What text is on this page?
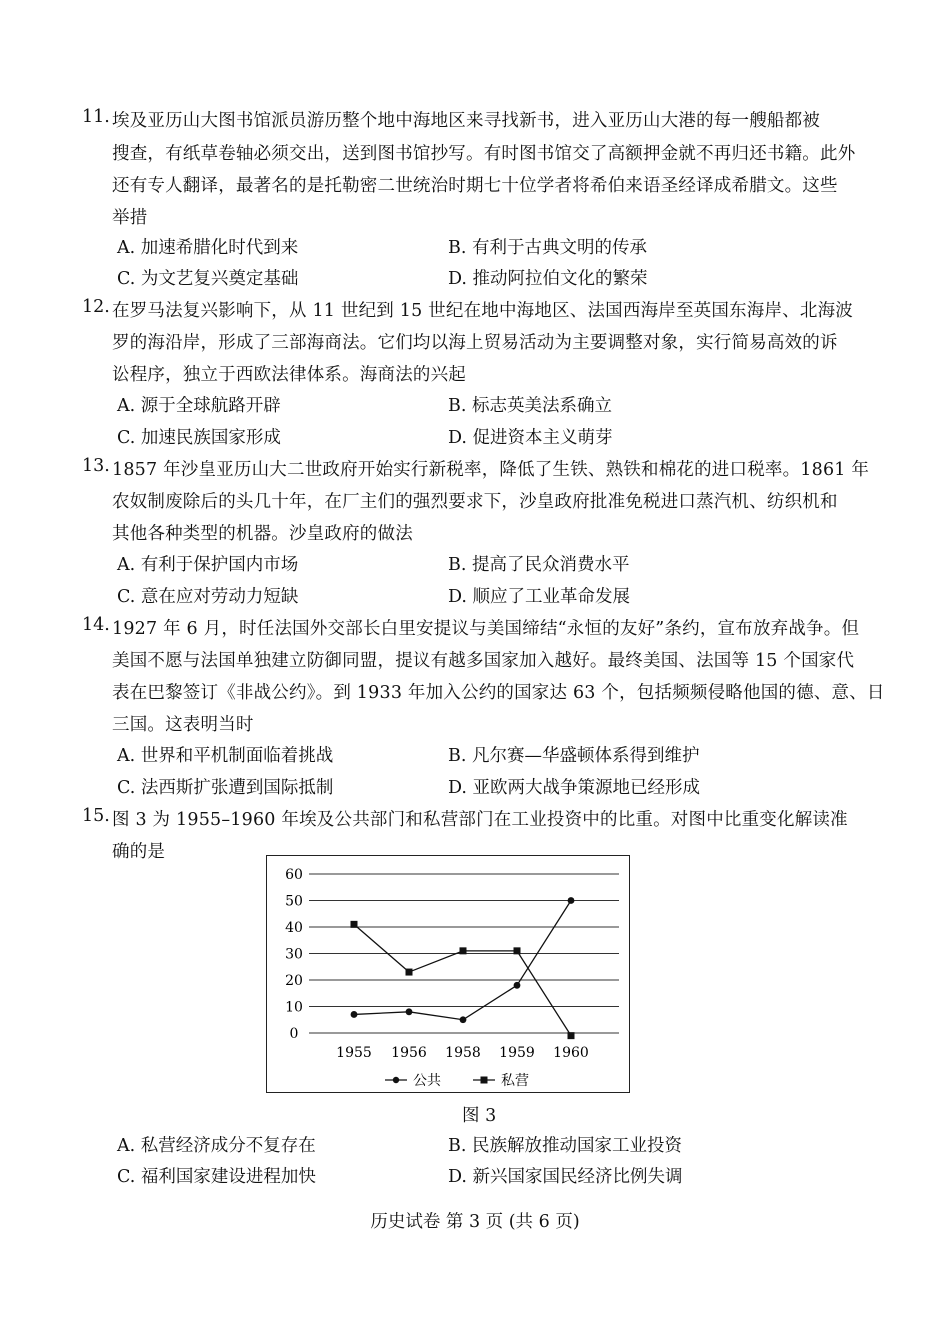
11. 埃及亚历山大图书馆派员游历整个地中海地区来寻找新书，进入亚历山大港的每一艘船都被
搜查，有纸草卷轴必须交出，送到图书馆抄写。有时图书馆交了高额押金就不再归还书籍。此外
还有专人翻译，最著名的是托勒密二世统治时期七十位学者将希伯来语圣经译成希腊文。这些
举措
A. 加速希腊化时代到来	B. 有利于古典文明的传承
C. 为文艺复兴奠定基础	D. 推动阿拉伯文化的繁荣
12. 在罗马法复兴影响下，从 11 世纪到 15 世纪在地中海地区、法国西海岸至英国东海岸、北海波
罗的海沿岸，形成了三部海商法。它们均以海上贸易活动为主要调整对象，实行简易高效的诉
讼程序，独立于西欧法律体系。海商法的兴起
A. 源于全球航路开辟	B. 标志英美法系确立
C. 加速民族国家形成	D. 促进资本主义萌芽
13. 1857 年沙皇亚历山大二世政府开始实行新税率，降低了生铁、熟铁和棉花的进口税率。1861 年
农奴制废除后的头几十年，在厂主们的强烈要求下，沙皇政府批准免税进口蒸汽机、纺织机和
其他各种类型的机器。沙皇政府的做法
A. 有利于保护国内市场	B. 提高了民众消费水平
C. 意在应对劳动力短缺	D. 顺应了工业革命发展
14. 1927 年 6 月，时任法国外交部长白里安提议与美国缔结“永恒的友好”条约，宣布放弃战争。但
美国不愿与法国单独建立防御同盟，提议有越多国家加入越好。最终美国、法国等 15 个国家代
表在巴黎签订《非战公约》。到 1933 年加入公约的国家达 63 个，包括频频侵略他国的德、意、日
三国。这表明当时
A. 世界和平机制面临着挑战	B. 凡尔赛—华盛顿体系得到维护
C. 法西斯扩张遭到国际抵制	D. 亚欧两大战争策源地已经形成
15. 图 3 为 1955–1960 年埃及公共部门和私营部门在工业投资中的比重。对图中比重变化解读准
确的是
60
50
40
30
20
10
0
1955 1956 1958 1959 1960
公共	私营
图 3
A. 私营经济成分不复存在	B. 民族解放推动国家工业投资
C. 福利国家建设进程加快	D. 新兴国家国民经济比例失调
历史试卷 第 3 页 (共 6 页)
